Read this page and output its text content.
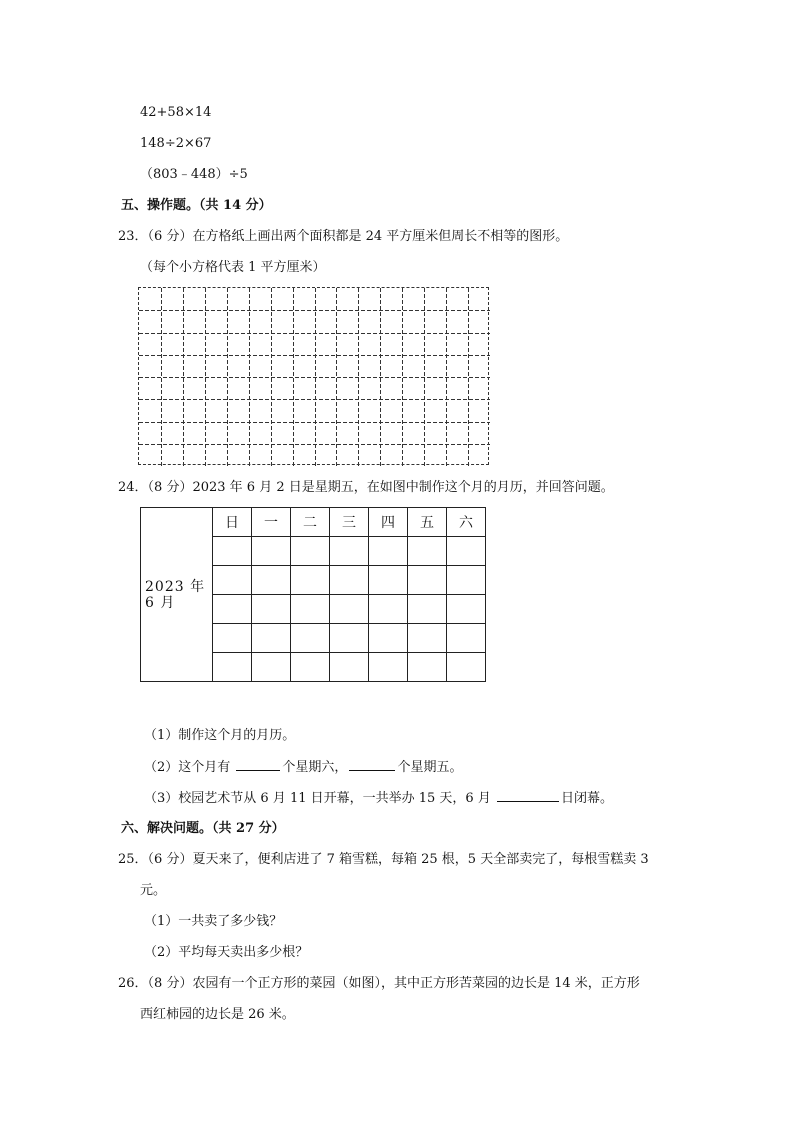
42+58×14
148÷2×67
（803﹣448）÷5
五、操作题。（共 14 分）
23．（6 分）在方格纸上画出两个面积都是 24 平方厘米但周长不相等的图形。
（每个小方格代表 1 平方厘米）
24．（8 分）2023 年 6 月 2 日是星期五，在如图中制作这个月的月历，并回答问题。
2023 年
6 月	日	一	二	三	四	五	六

（1）制作这个月的月历。
（2）这个月有	个星期六，	个星期五。
（3）校园艺术节从 6 月 11 日开幕，一共举办 15 天，6 月	日闭幕。
六、解决问题。（共 27 分）
25．（6 分）夏天来了，便利店进了 7 箱雪糕，每箱 25 根，5 天全部卖完了，每根雪糕卖 3
元。
（1）一共卖了多少钱？
（2）平均每天卖出多少根？
26．（8 分）农园有一个正方形的菜园（如图），其中正方形苦菜园的边长是 14 米，正方形
西红柿园的边长是 26 米。
